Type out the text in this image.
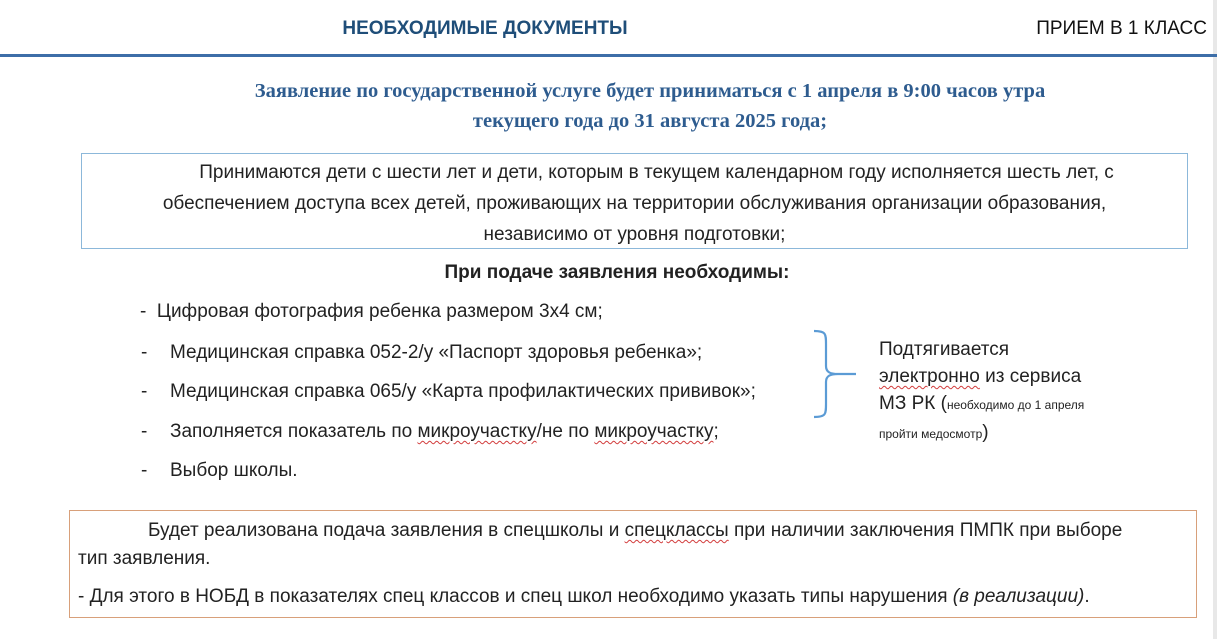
НЕОБХОДИМЫЕ ДОКУМЕНТЫ	ПРИЕМ В 1 КЛАСС
Заявление по государственной услуге будет приниматься с 1 апреля в 9:00 часов утра
текущего года до 31 августа 2025 года;
Принимаются дети с шести лет и дети, которым в текущем календарном году исполняется шесть лет, с
обеспечением доступа всех детей, проживающих на территории обслуживания организации образования,
независимо от уровня подготовки;
При подаче заявления необходимы:
- Цифровая фотография ребенка размером 3х4 см;
- Медицинская справка 052-2/у «Паспорт здоровья ребенка»;
- Медицинская справка 065/у «Карта профилактических прививок»;
- Заполняется показатель по микроучастку/не по микроучастку;
- Выбор школы.
Подтягивается
электронно из сервиса
МЗ РК (необходимо до 1 апреля
пройти медосмотр)

Будет реализована подача заявления в спецшколы и спецклассы при наличии заключения ПМПК при выборе

тип заявления.

- Для этого в НОБД в показателях спец классов и спец школ необходимо указать типы нарушения (в реализации).
